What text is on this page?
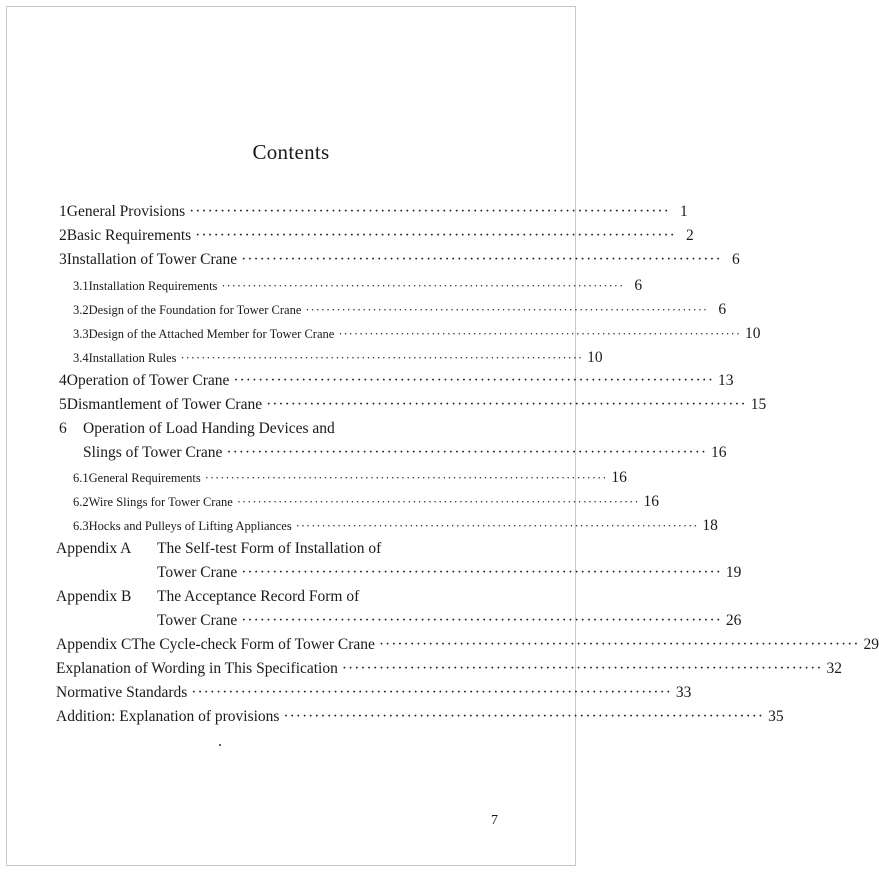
Contents
1 General Provisions ·············································································· 1
2 Basic Requirements ·············································································· 2
3 Installation of Tower Crane ·············································································· 6
3.1 Installation Requirements ·············································································· 6
3.2 Design of the Foundation for Tower Crane ·············································································· 6
3.3 Design of the Attached Member for Tower Crane ·············································································· 10
3.4 Installation Rules ·············································································· 10
4 Operation of Tower Crane ·············································································· 13
5 Dismantlement of Tower Crane ·············································································· 15
6 Operation of Load Handing Devices and
Slings of Tower Crane ·············································································· 16
6.1 General Requirements ·············································································· 16
6.2 Wire Slings for Tower Crane ·············································································· 16
6.3 Hocks and Pulleys of Lifting Appliances ·············································································· 18
Appendix A The Self-test Form of Installation of
Tower Crane ·············································································· 19
Appendix B The Acceptance Record Form of
Tower Crane ·············································································· 26
Appendix C The Cycle-check Form of Tower Crane ·············································································· 29
Explanation of Wording in This Specification ·············································································· 32
Normative Standards ·············································································· 33
Addition: Explanation of provisions ·············································································· 35
7
